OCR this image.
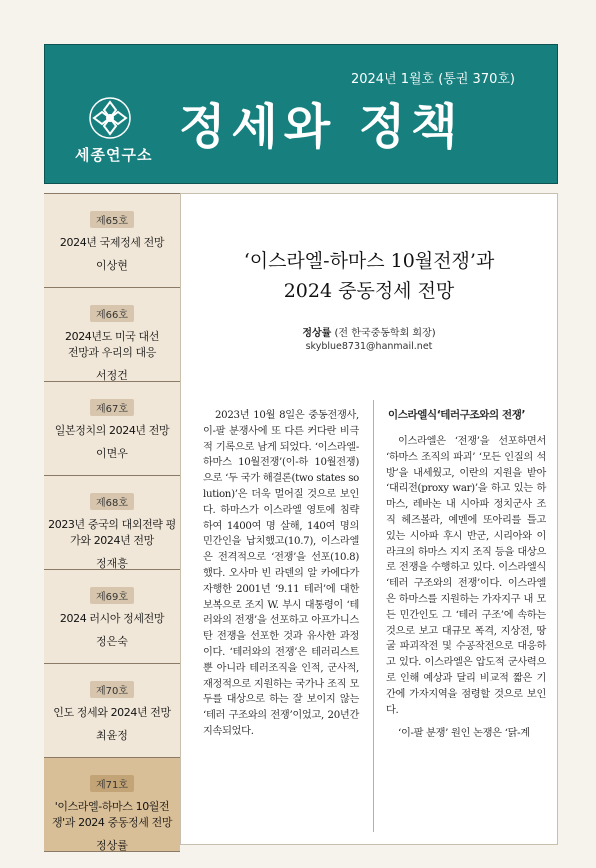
2024년 1월호 (통권 370호)
세종연구소 정세와 정책
제65호
2024년 국제정세 전망
이상현
제66호
2024년도 미국 대선 전망과 우리의 대응
서정건
제67호
일본정치의 2024년 전망
이면우
제68호
2023년 중국의 대외전략 평가와 2024년 전망
정재흥
제69호
2024 러시아 정세전망
정은숙
제70호
인도 정세와 2024년 전망
최윤정
제71호
'이스라엘-하마스 10월전쟁'과 2024 중동정세 전망
정상률
‘이스라엘-하마스 10월전쟁’과
2024 중동정세 전망
정상률 (전 한국중동학회 회장)
skyblue8731@hanmail.net

2023년 10월 8일은 중동전쟁사, 이-팔 분쟁사에 또 다른 커다란 비극적 기록으로 남게 되었다. ‘이스라엘-하마스 10월전쟁’(이-하 10월전쟁)으로 ‘두 국가 해결론(two states solution)’은 더욱 멀어질 것으로 보인다. 하마스가 이스라엘 영토에 침략하여 1400여 명 살해, 140여 명의 민간인을 납치했고(10.7), 이스라엘은 전격적으로 ‘전쟁’을 선포(10.8)했다. 오사마 빈 라덴의 알 카에다가 자행한 2001년 ‘9.11 테러’에 대한 보복으로 조지 W. 부시 대통령이 ‘테러와의 전쟁’을 선포하고 아프가니스탄 전쟁을 선포한 것과 유사한 과정이다. ‘테러와의 전쟁’은 테러리스트 뿐 아니라 테러조직을 인적, 군사적, 재정적으로 지원하는 국가나 조직 모두를 대상으로 하는 잘 보이지 않는 ‘테러 구조와의 전쟁’이었고, 20년간 지속되었다.

이스라엘식‘테러구조와의 전쟁’

이스라엘은 ‘전쟁’을 선포하면서 ‘하마스 조직의 파괴’ ‘모든 인질의 석방’을 내세웠고, 이란의 지원을 받아 ‘대리전(proxy war)’을 하고 있는 하마스, 레바논 내 시아파 정치군사 조직 헤즈볼라, 예멘에 또아리를 틀고 있는 시아파 후시 반군, 시리아와 이라크의 하마스 지지 조직 등을 대상으로 전쟁을 수행하고 있다. 이스라엘식 ‘테러 구조와의 전쟁’이다. 이스라엘은 하마스를 지원하는 가자지구 내 모든 민간인도 그 ‘테러 구조’에 속하는 것으로 보고 대규모 폭격, 지상전, 땅굴 파괴작전 및 수공작전으로 대응하고 있다. 이스라엘은 압도적 군사력으로 인해 예상과 달리 비교적 짧은 기간에 가자지역을 점령할 것으로 보인다.

‘이-팔 분쟁’ 원인 논쟁은 ‘닭-계
